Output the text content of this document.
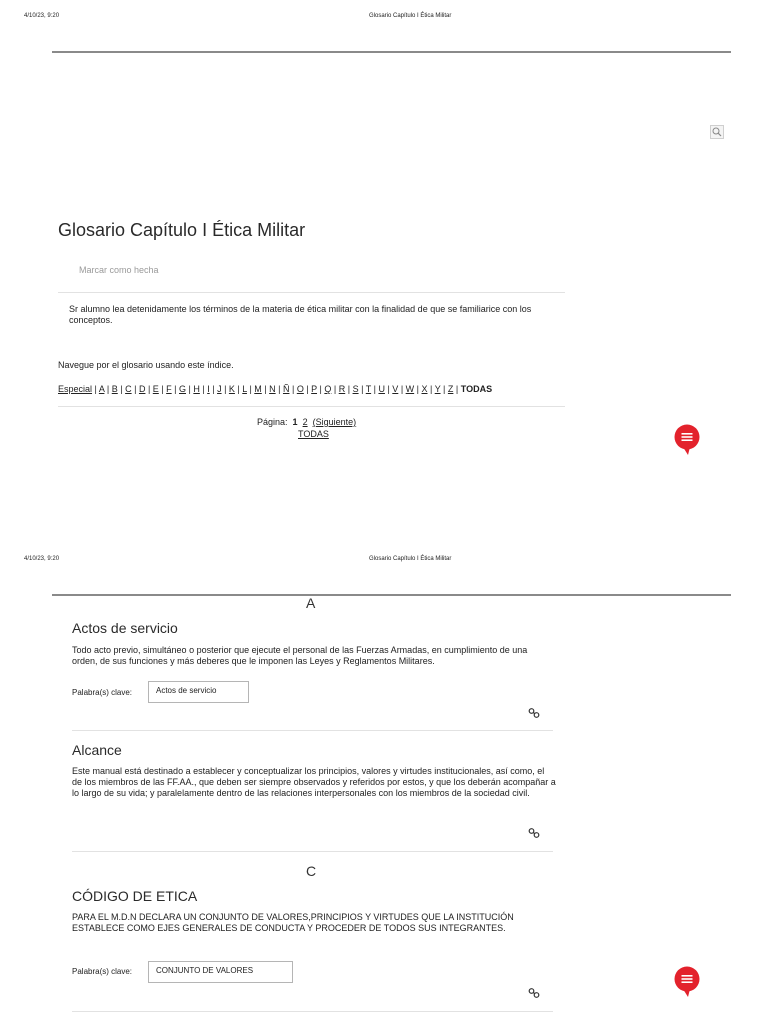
4/10/23, 9:20	Glosario Capítulo I Ética Militar
Glosario Capítulo I Ética Militar
Marcar como hecha
Sr alumno lea detenidamente los términos de la materia de ética militar con la finalidad de que se familiarice con los conceptos.
Navegue por el glosario usando este índice.
Especial | A | B | C | D | E | F | G | H | I | J | K | L | M | N | Ñ | O | P | Q | R | S | T | U | V | W | X | Y | Z | TODAS
Página: 1 2 (Siguiente)
TODAS
4/10/23, 9:20	Glosario Capítulo I Ética Militar
A
Actos de servicio
Todo acto previo, simultáneo o posterior que ejecute el personal de las Fuerzas Armadas, en cumplimiento de una orden, de sus funciones y más deberes que le imponen las Leyes y Reglamentos Militares.
Palabra(s) clave:	Actos de servicio
Alcance
Este manual está destinado a establecer y conceptualizar los principios, valores y virtudes institucionales, así como, el de los miembros de las FF.AA., que deben ser siempre observados y referidos por estos, y que los deberán acompañar a lo largo de su vida; y paralelamente dentro de las relaciones interpersonales con los miembros de la sociedad civil.
C
CÓDIGO DE ETICA
PARA EL M.D.N DECLARA UN CONJUNTO DE VALORES,PRINCIPIOS Y VIRTUDES QUE LA INSTITUCIÓN ESTABLECE COMO EJES GENERALES DE CONDUCTA Y PROCEDER DE TODOS SUS INTEGRANTES.
Palabra(s) clave:	CONJUNTO DE VALORES
